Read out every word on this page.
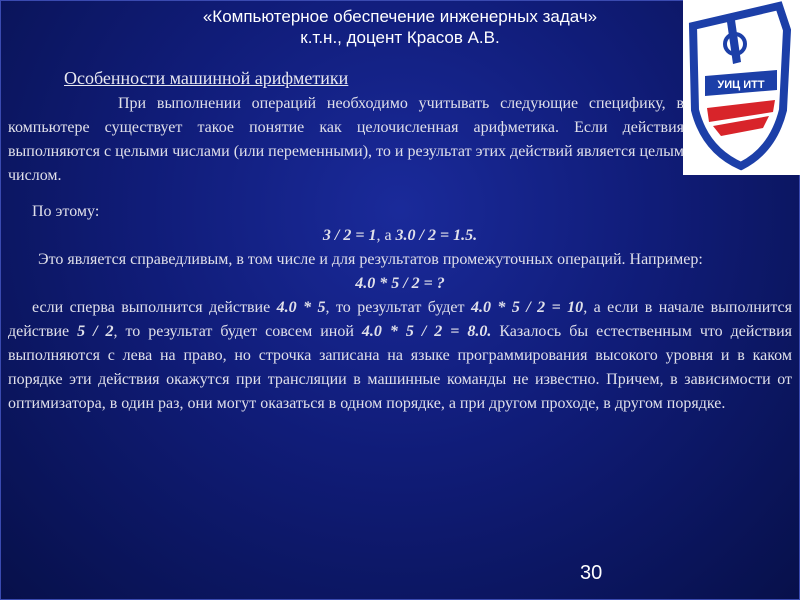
«Компьютерное обеспечение инженерных задач»
к.т.н., доцент Красов А.В.
УИЦ ИТТ
Особенности машинной арифметики
При выполнении операций необходимо учитывать следующие специфику, в компьютере существует такое понятие как целочисленная арифметика. Если действия выполняются с целыми числами (или переменными), то и результат этих действий является целым числом.

По этому:

3 / 2 = 1, а 3.0 / 2 = 1.5.

Это является справедливым, в том числе и для результатов промежуточных операций. Например:

4.0 * 5 / 2 = ?

если сперва выполнится действие 4.0 * 5, то результат будет 4.0 * 5 / 2 = 10, а если в начале выполнится действие 5 / 2, то результат будет совсем иной 4.0 * 5 / 2 = 8.0. Казалось бы естественным что действия выполняются с лева на право, но строчка записана на языке программирования высокого уровня и в каком порядке эти действия окажутся при трансляции в машинные команды не известно. Причем, в зависимости от оптимизатора, в один раз, они могут оказаться в одном порядке, а при другом проходе, в другом порядке.

30
